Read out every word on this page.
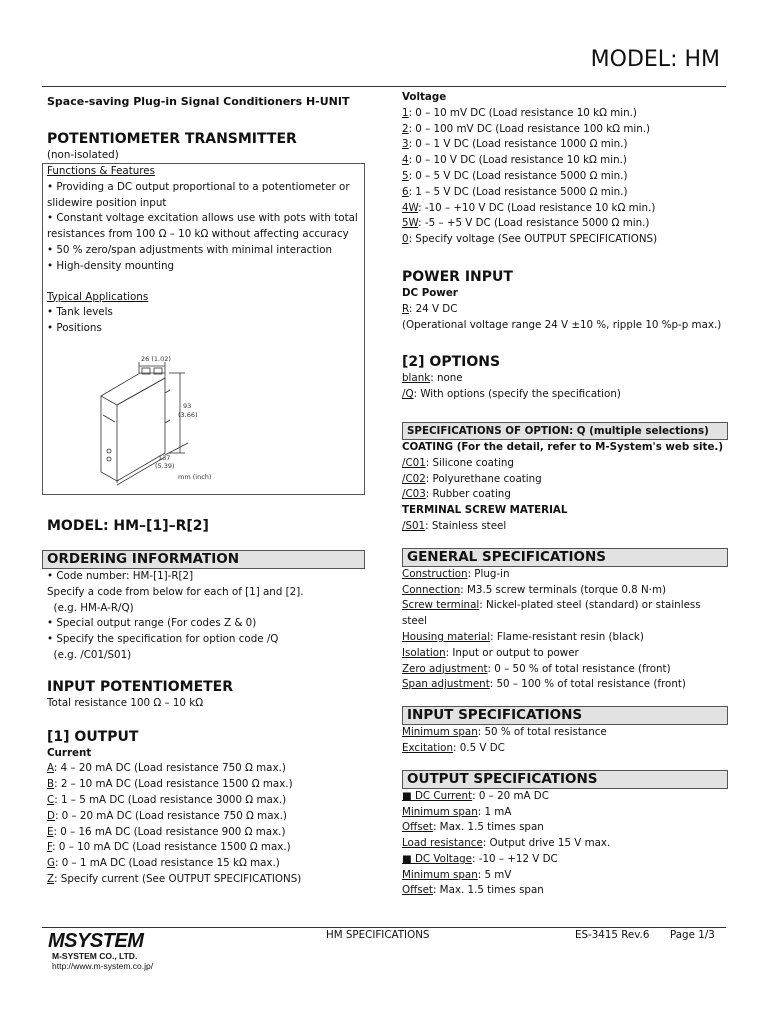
MODEL: HM
Space-saving Plug-in Signal Conditioners H-UNIT
POTENTIOMETER TRANSMITTER
(non-isolated)
Functions & Features
• Providing a DC output proportional to a potentiometer or slidewire position input
• Constant voltage excitation allows use with pots with total resistances from 100 Ω – 10 kΩ without affecting accuracy
• 50 % zero/span adjustments with minimal interaction
• High-density mounting
Typical Applications
• Tank levels
• Positions
26 (1.02)
93
(3.66)
137
(5.39)
mm (inch)
MODEL: HM–[1]–R[2]
ORDERING INFORMATION
• Code number: HM-[1]-R[2]
Specify a code from below for each of [1] and [2].
(e.g. HM-A-R/Q)
• Special output range (For codes Z & 0)
• Specify the specification for option code /Q
(e.g. /C01/S01)
INPUT POTENTIOMETER
Total resistance 100 Ω – 10 kΩ
[1] OUTPUT
Current
A: 4 – 20 mA DC (Load resistance 750 Ω max.)
B: 2 – 10 mA DC (Load resistance 1500 Ω max.)
C: 1 – 5 mA DC (Load resistance 3000 Ω max.)
D: 0 – 20 mA DC (Load resistance 750 Ω max.)
E: 0 – 16 mA DC (Load resistance 900 Ω max.)
F: 0 – 10 mA DC (Load resistance 1500 Ω max.)
G: 0 – 1 mA DC (Load resistance 15 kΩ max.)
Z: Specify current (See OUTPUT SPECIFICATIONS)
Voltage
1: 0 – 10 mV DC (Load resistance 10 kΩ min.)
2: 0 – 100 mV DC (Load resistance 100 kΩ min.)
3: 0 – 1 V DC (Load resistance 1000 Ω min.)
4: 0 – 10 V DC (Load resistance 10 kΩ min.)
5: 0 – 5 V DC (Load resistance 5000 Ω min.)
6: 1 – 5 V DC (Load resistance 5000 Ω min.)
4W: -10 – +10 V DC (Load resistance 10 kΩ min.)
5W: -5 – +5 V DC (Load resistance 5000 Ω min.)
0: Specify voltage (See OUTPUT SPECIFICATIONS)
POWER INPUT
DC Power
R: 24 V DC
(Operational voltage range 24 V ±10 %, ripple 10 %p-p max.)
[2] OPTIONS
blank: none
/Q: With options (specify the specification)
SPECIFICATIONS OF OPTION: Q (multiple selections)
COATING (For the detail, refer to M-System's web site.)
/C01: Silicone coating
/C02: Polyurethane coating
/C03: Rubber coating
TERMINAL SCREW MATERIAL
/S01: Stainless steel
GENERAL SPECIFICATIONS
Construction: Plug-in
Connection: M3.5 screw terminals (torque 0.8 N·m)
Screw terminal: Nickel-plated steel (standard) or stainless steel
Housing material: Flame-resistant resin (black)
Isolation: Input or output to power
Zero adjustment: 0 – 50 % of total resistance (front)
Span adjustment: 50 – 100 % of total resistance (front)
INPUT SPECIFICATIONS
Minimum span: 50 % of total resistance
Excitation: 0.5 V DC
OUTPUT SPECIFICATIONS
■ DC Current: 0 – 20 mA DC
Minimum span: 1 mA
Offset: Max. 1.5 times span
Load resistance: Output drive 15 V max.
■ DC Voltage: -10 – +12 V DC
Minimum span: 5 mV
Offset: Max. 1.5 times span
MSYSTEM
M-SYSTEM CO., LTD.
http://www.m-system.co.jp/
HM SPECIFICATIONS	ES-3415 Rev.6 Page 1/3
